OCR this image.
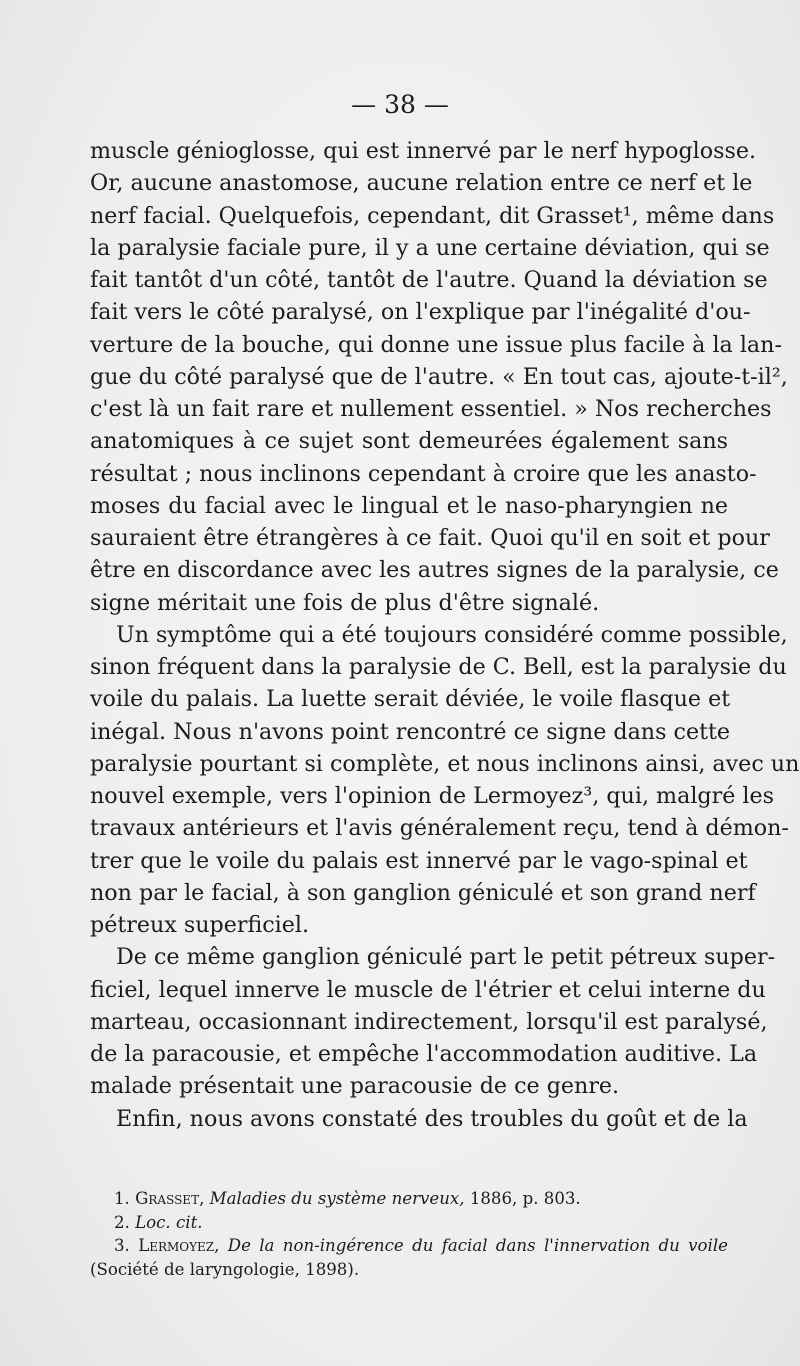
— 38 —
muscle génioglosse, qui est innervé par le nerf hypoglosse.
Or, aucune anastomose, aucune relation entre ce nerf et le
nerf facial. Quelquefois, cependant, dit Grasset¹, même dans
la paralysie faciale pure, il y a une certaine déviation, qui se
fait tantôt d'un côté, tantôt de l'autre. Quand la déviation se
fait vers le côté paralysé, on l'explique par l'inégalité d'ou-
verture de la bouche, qui donne une issue plus facile à la lan-
gue du côté paralysé que de l'autre. « En tout cas, ajoute-t-il²,
c'est là un fait rare et nullement essentiel. » Nos recherches
anatomiques à ce sujet sont demeurées également sans
résultat ; nous inclinons cependant à croire que les anasto-
moses du facial avec le lingual et le naso-pharyngien ne
sauraient être étrangères à ce fait. Quoi qu'il en soit et pour
être en discordance avec les autres signes de la paralysie, ce
signe méritait une fois de plus d'être signalé.
Un symptôme qui a été toujours considéré comme possible,
sinon fréquent dans la paralysie de C. Bell, est la paralysie du
voile du palais. La luette serait déviée, le voile flasque et
inégal. Nous n'avons point rencontré ce signe dans cette
paralysie pourtant si complète, et nous inclinons ainsi, avec un
nouvel exemple, vers l'opinion de Lermoyez³, qui, malgré les
travaux antérieurs et l'avis généralement reçu, tend à démon-
trer que le voile du palais est innervé par le vago-spinal et
non par le facial, à son ganglion géniculé et son grand nerf
pétreux superficiel.
De ce même ganglion géniculé part le petit pétreux super-
ficiel, lequel innerve le muscle de l'étrier et celui interne du
marteau, occasionnant indirectement, lorsqu'il est paralysé,
de la paracousie, et empêche l'accommodation auditive. La
malade présentait une paracousie de ce genre.
Enfin, nous avons constaté des troubles du goût et de la
1. Grasset, Maladies du système nerveux, 1886, p. 803.
2. Loc. cit.
3. Lermoyez, De la non-ingérence du facial dans l'innervation du voile
(Société de laryngologie, 1898).
